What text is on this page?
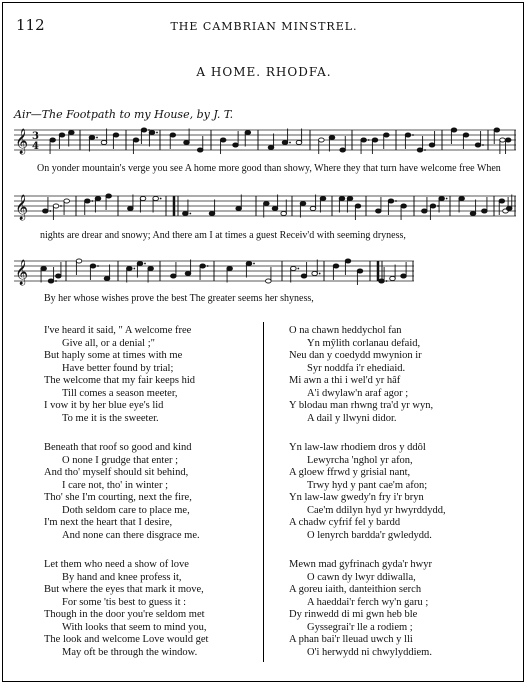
112	THE CAMBRIAN MINSTREL.
A HOME. RHODFA.
Air—The Footpath to my House, by J. T.
𝄞 3
4
On yonder mountain's verge you see A home more good than showy, Where they that turn have welcome free When
𝄞
nights are drear and snowy; And there am I at times a guest Receiv'd with seeming dryness,
𝄞
By her whose wishes prove the best The greater seems her shyness,
I've heard it said, " A welcome free
Give all, or a denial ;"
But haply some at times with me
Have better found by trial;
The welcome that my fair keeps hid
Till comes a season meeter,
I vow it by her blue eye's lid
To me it is the sweeter.
Beneath that roof so good and kind
O none I grudge that enter ;
And tho' myself should sit behind,
I care not, tho' in winter ;
Tho' she I'm courting, next the fire,
Doth seldom care to place me,
I'm next the heart that I desire,
And none can there disgrace me.
Let them who need a show of love
By hand and knee profess it,
But where the eyes that mark it move,
For some 'tis best to guess it :
Though in the door you're seldom met
With looks that seem to mind you,
The look and welcome Love would get
May oft be through the window.
O na chawn heddychol fan
Yn mŷlith corlanau defaid,
Neu dan y coedydd mwynion ir
Syr noddfa i'r ehediaid.
Mi awn a thi i wel'd yr hâf
A'i dwylaw'n araf agor ;
Y blodau man rhwng tra'd yr wyn,
A dail y llwyni didor.
Yn law-law rhodiem dros y ddôl
Lewyrcha 'nghol yr afon,
A gloew ffrwd y grisial nant,
Trwy hyd y pant cae'm afon;
Yn law-law gwedy'n fry i'r bryn
Cae'm ddilyn hyd yr hwyrddydd,
A chadw cyfrif fel y bardd
O lenyrch bardda'r gwledydd.
Mewn mad gyfrinach gyda'r hwyr
O cawn dy lwyr ddiwalla,
A goreu iaith, danteithion serch
A haeddai'r ferch wy'n garu ;
Dy rinwedd di mi gwn heb ble
Gyssegrai'r lle a rodiem ;
A phan bai'r lleuad uwch y lli
O'i herwydd ni chwylyddiem.
